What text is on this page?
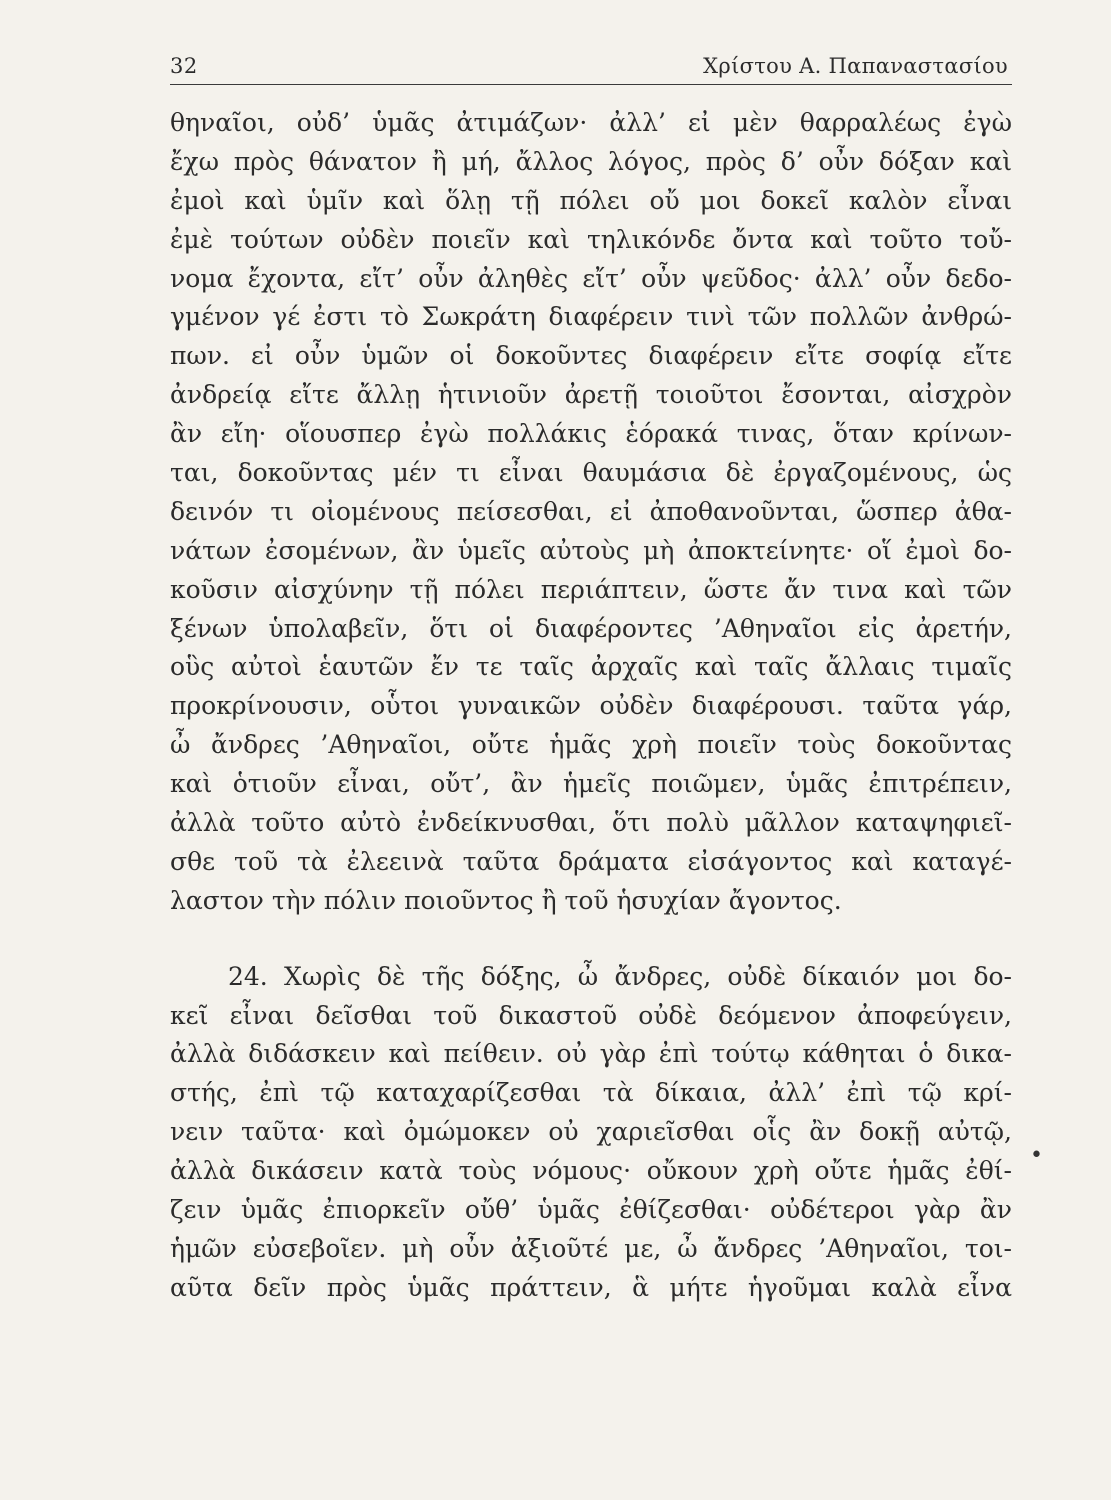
32	Χρίστου Α. Παπαναστασίου
θηναῖοι, οὐδ’ ὑμᾶς ἀτιμάζων· ἀλλ’ εἰ μὲν θαρραλέως ἐγὼ
ἔχω πρὸς θάνατον ἢ μή, ἄλλος λόγος, πρὸς δ’ οὖν δόξαν καὶ
ἐμοὶ καὶ ὑμῖν καὶ ὅλῃ τῇ πόλει οὔ μοι δοκεῖ καλὸν εἶναι
ἐμὲ τούτων οὐδὲν ποιεῖν καὶ τηλικόνδε ὄντα καὶ τοῦτο τοὔ-
νομα ἔχοντα, εἴτ’ οὖν ἀληθὲς εἴτ’ οὖν ψεῦδος· ἀλλ’ οὖν δεδο-
γμένον γέ ἐστι τὸ Σωκράτη διαφέρειν τινὶ τῶν πολλῶν ἀνθρώ-
πων. εἰ οὖν ὑμῶν οἱ δοκοῦντες διαφέρειν εἴτε σοφίᾳ εἴτε
ἀνδρείᾳ εἴτε ἄλλῃ ἡτινιοῦν ἀρετῇ τοιοῦτοι ἔσονται, αἰσχρὸν
ἂν εἴη· οἵουσπερ ἐγὼ πολλάκις ἑόρακά τινας, ὅταν κρίνων-
ται, δοκοῦντας μέν τι εἶναι θαυμάσια δὲ ἐργαζομένους, ὡς
δεινόν τι οἰομένους πείσεσθαι, εἰ ἀποθανοῦνται, ὥσπερ ἀθα-
νάτων ἐσομένων, ἂν ὑμεῖς αὐτοὺς μὴ ἀποκτείνητε· οἵ ἐμοὶ δο-
κοῦσιν αἰσχύνην τῇ πόλει περιάπτειν, ὥστε ἄν τινα καὶ τῶν
ξένων ὑπολαβεῖν, ὅτι οἱ διαφέροντες ’Αθηναῖοι εἰς ἀρετήν,
οὓς αὐτοὶ ἑαυτῶν ἔν τε ταῖς ἀρχαῖς καὶ ταῖς ἄλλαις τιμαῖς
προκρίνουσιν, οὗτοι γυναικῶν οὐδὲν διαφέρουσι. ταῦτα γάρ,
ὦ ἄνδρες ’Αθηναῖοι, οὔτε ἡμᾶς χρὴ ποιεῖν τοὺς δοκοῦντας
καὶ ὁτιοῦν εἶναι, οὔτ’, ἂν ἡμεῖς ποιῶμεν, ὑμᾶς ἐπιτρέπειν,
ἀλλὰ τοῦτο αὐτὸ ἐνδείκνυσθαι, ὅτι πολὺ μᾶλλον καταψηφιεῖ-
σθε τοῦ τὰ ἐλεεινὰ ταῦτα δράματα εἰσάγοντος καὶ καταγέ-
λαστον τὴν πόλιν ποιοῦντος ἢ τοῦ ἡσυχίαν ἄγοντος.
24. Χωρὶς δὲ τῆς δόξης, ὦ ἄνδρες, οὐδὲ δίκαιόν μοι δο-
κεῖ εἶναι δεῖσθαι τοῦ δικαστοῦ οὐδὲ δεόμενον ἀποφεύγειν,
ἀλλὰ διδάσκειν καὶ πείθειν. οὐ γὰρ ἐπὶ τούτῳ κάθηται ὁ δικα-
στής, ἐπὶ τῷ καταχαρίζεσθαι τὰ δίκαια, ἀλλ’ ἐπὶ τῷ κρί-
νειν ταῦτα· καὶ ὀμώμοκεν οὐ χαριεῖσθαι οἷς ἂν δοκῇ αὐτῷ,
ἀλλὰ δικάσειν κατὰ τοὺς νόμους· οὔκουν χρὴ οὔτε ἡμᾶς ἐθί-
ζειν ὑμᾶς ἐπιορκεῖν οὔθ’ ὑμᾶς ἐθίζεσθαι· οὐδέτεροι γὰρ ἂν
ἡμῶν εὐσεβοῖεν. μὴ οὖν ἀξιοῦτέ με, ὦ ἄνδρες ’Αθηναῖοι, τοι-
αῦτα δεῖν πρὸς ὑμᾶς πράττειν, ἃ μήτε ἡγοῦμαι καλὰ εἶνα
•
